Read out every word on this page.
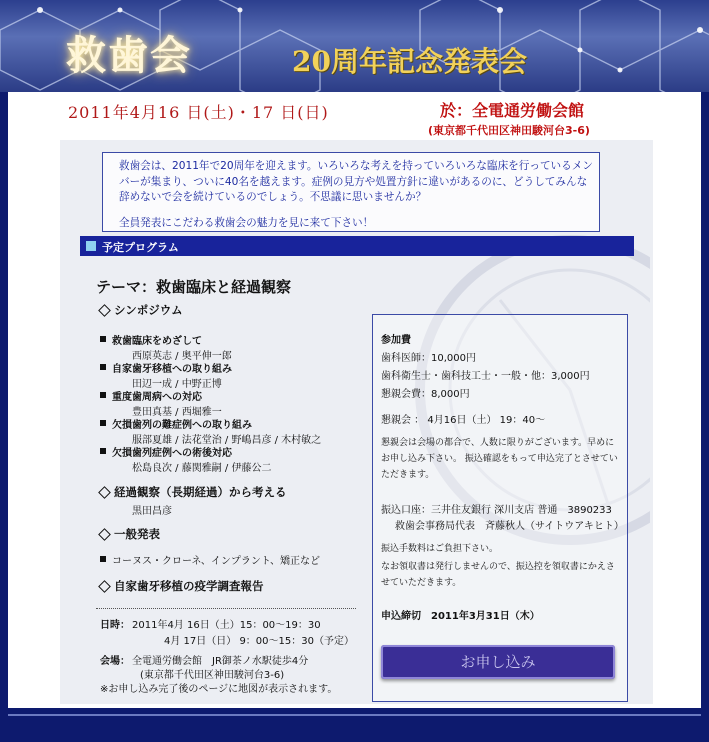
救歯会	20周年記念発表会
2011年4月16 日(土)・17 日(日)	於：全電通労働会館
(東京都千代田区神田駿河台3-6)
救歯会は、2011年で20周年を迎えます。いろいろな考えを持っていろいろな臨床を行っているメンバーが集まり、ついに40名を越えます。症例の見方や処置方針に違いがあるのに、どうしてみんな辞めないで会を続けているのでしょう。不思議に思いませんか？
全員発表にこだわる救歯会の魅力を見に来て下さい！
予定プログラム
テーマ：救歯臨床と経過観察
シンポジウム
救歯臨床をめざして
西原英志 / 奥平伸一郎
自家歯牙移植への取り組み
田辺一成 / 中野正博
重度歯周病への対応
豊田真基 / 西堀雅一
欠損歯列の難症例への取り組み
服部夏雄 / 法花堂治 / 野嶋昌彦 / 木村敏之
欠損歯列症例への術後対応
松島良次 / 藤関雅嗣 / 伊藤公二
経過観察（長期経過）から考える
黒田昌彦
一般発表
コーヌス・クローネ、インプラント、矯正など
自家歯牙移植の疫学調査報告
日時： 2011年4月 16日（土）15：00～19：30
4月 17日（日） 9：00～15：30（予定）
会場： 全電通労働会館　JR御茶ノ水駅徒歩4分
(東京都千代田区神田駿河台3-6)
※お申し込み完了後のページに地図が表示されます。
参加費
歯科医師：10,000円
歯科衛生士・歯科技工士・一般・他：3,000円
懇親会費：8,000円
懇親会 ： 4月16日（土） 19：40～
懇親会は会場の都合で、人数に限りがございます。早めにお申し込み下さい。 振込確認をもって申込完了とさせていただきます。
振込口座：三井住友銀行 深川支店 普通　3890233
救歯会事務局代表　斉藤秋人（サイトウアキヒト）
振込手数料はご負担下さい。
なお領収書は発行しませんので、振込控を領収書にかえさせていただきます。
申込締切　2011年3月31日（木）
お申し込み
